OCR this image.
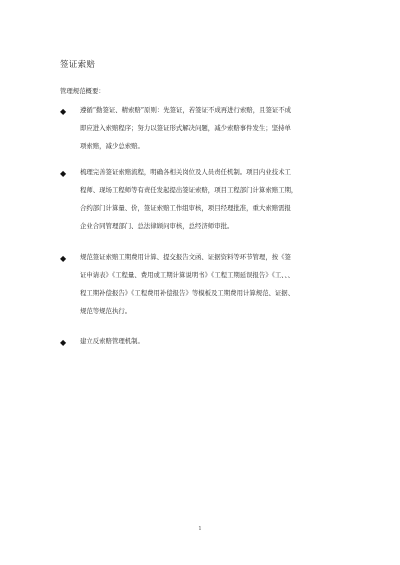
签证索赔
管理规范概要：
◆ 遵循“勤签证、精索赔”原则：先签证，若签证不成再进行索赔，且签证不成
即应进入索赔程序；努力以签证形式解决问题，减少索赔事件发生；坚持单
项索赔，减少总索赔。
◆ 梳理完善签证索赔流程，明确各相关岗位及人员责任机制。项目内业技术工
程师、现场工程师等有责任发起提出签证索赔，项目工程部门计算索赔工期，
合约部门计算量、价，签证索赔工作组审核，项目经理批准，重大索赔需报
企业合同管理部门、总法律顾问审核，总经济师审批。
◆ 规范签证索赔工期费用计算、提交报告文函、证据资料等环节管理，按《签
证申请表》《工程量、费用或工期计算说明书》《工程工期延误报告》《工、、、
程工期补偿报告》《工程费用补偿报告》等模板及工期费用计算规范、证据、
规范等规范执行。
◆ 建立反索赔管理机制。
1
